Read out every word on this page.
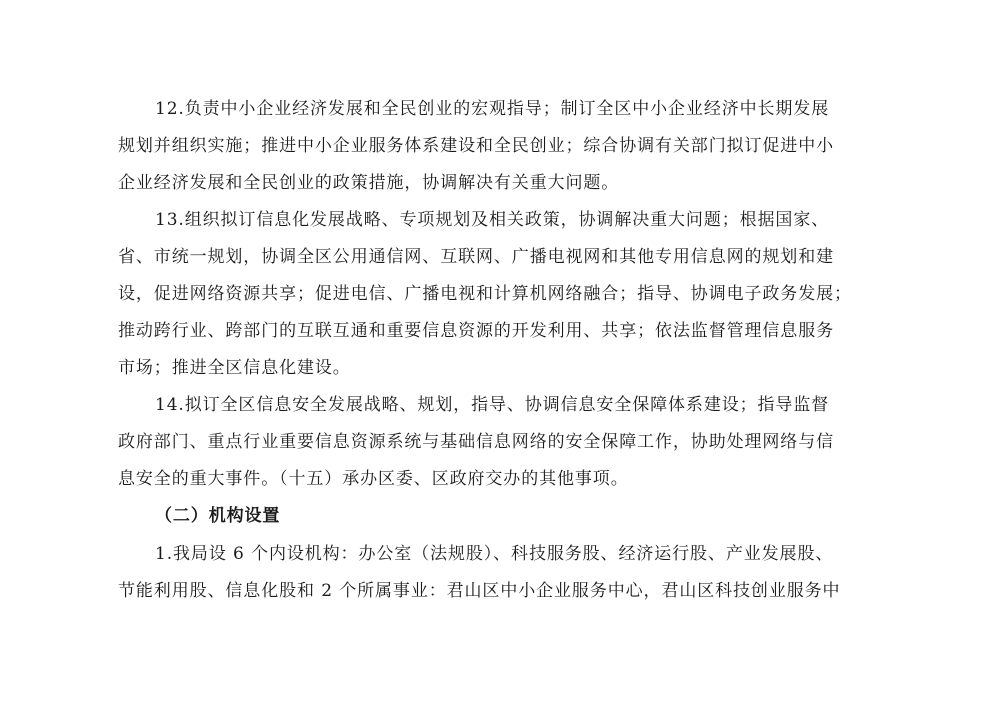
12.负责中小企业经济发展和全民创业的宏观指导；制订全区中小企业经济中长期发展
规划并组织实施；推进中小企业服务体系建设和全民创业；综合协调有关部门拟订促进中小
企业经济发展和全民创业的政策措施，协调解决有关重大问题。
13.组织拟订信息化发展战略、专项规划及相关政策，协调解决重大问题；根据国家、
省、市统一规划，协调全区公用通信网、互联网、广播电视网和其他专用信息网的规划和建
设，促进网络资源共享；促进电信、广播电视和计算机网络融合；指导、协调电子政务发展；
推动跨行业、跨部门的互联互通和重要信息资源的开发利用、共享；依法监督管理信息服务
市场；推进全区信息化建设。
14.拟订全区信息安全发展战略、规划，指导、协调信息安全保障体系建设；指导监督
政府部门、重点行业重要信息资源系统与基础信息网络的安全保障工作，协助处理网络与信
息安全的重大事件。（十五）承办区委、区政府交办的其他事项。
（二）机构设置
1.我局设 6 个内设机构：办公室（法规股）、科技服务股、经济运行股、产业发展股、
节能利用股、信息化股和 2 个所属事业：君山区中小企业服务中心，君山区科技创业服务中
